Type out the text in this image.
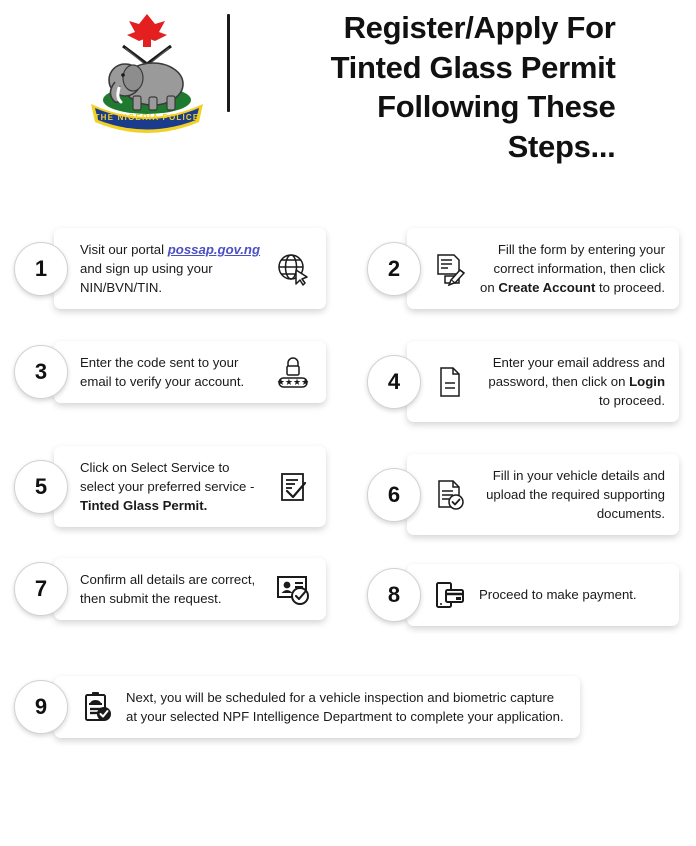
THE NIGERIA POLICE
Register/Apply For
Tinted Glass Permit
Following These
Steps...
1
Visit our portal possap.gov.ng and sign up using your NIN/BVN/TIN.
2
Fill the form by entering your correct information, then click on Create Account to proceed.
3	Enter the code sent to your email to verify your account.	★★★★	4
Enter your email address and password, then click on Login to proceed.
5
Click on Select Service to select your preferred service - Tinted Glass Permit.	6
Fill in your vehicle details and upload the required supporting documents.
7	Confirm all details are correct, then submit the request.	8	Proceed to make payment.
9	Next, you will be scheduled for a vehicle inspection and biometric capture at your selected NPF Intelligence Department to complete your application.
